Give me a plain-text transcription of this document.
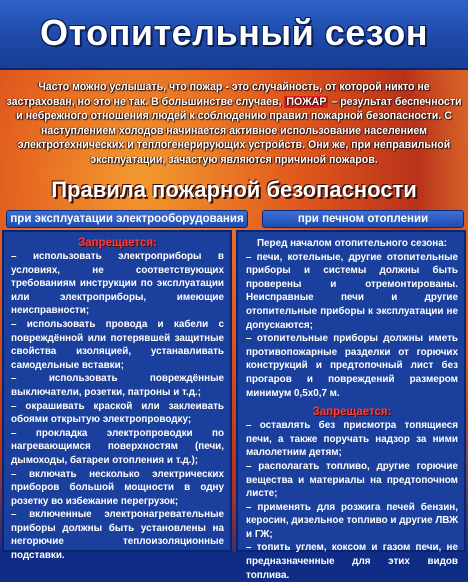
Отопительный сезон
Часто можно услышать, что пожар - это случайность, от которой никто не застрахован, но это не так. В большинстве случаев, ПОЖАР – результат беспечности и небрежного отношения людей к соблюдению правил пожарной безопасности. С наступлением холодов начинается активное использование населением электротехнических и теплогенерирующих устройств. Они же, при неправильной эксплуатации, зачастую являются причиной пожаров.
Правила пожарной безопасности
при эксплуатации электрооборудования	при печном отоплении
Запрещается:

– использовать электроприборы в условиях, не соответствующих требованиям инструкции по эксплуатации или электроприборы, имеющие неисправности;

– использовать провода и кабели с повреждённой или потерявшей защитные свойства изоляцией, устанавливать самодельные вставки;

– использовать повреждённые выключатели, розетки, патроны и т.д.;

– окрашивать краской или заклеивать обоями открытую электропроводку;

– прокладка электропроводки по нагревающимся поверхностям (печи, дымоходы, батареи отопления и т.д.);

– включать несколько электрических приборов большой мощности в одну розетку во избежание перегрузок;

– включенные электронагревательные приборы должны быть установлены на негорючие теплоизоляционные подставки.

Перед началом отопительного сезона:

– печи, котельные, другие отопительные приборы и системы должны быть проверены и отремонтированы. Неисправные печи и другие отопительные приборы к эксплуатации не допускаются;

– отопительные приборы должны иметь противопожарные разделки от горючих конструкций и предтопочный лист без прогаров и повреждений размером минимум 0,5х0,7 м.

Запрещается:

– оставлять без присмотра топящиеся печи, а также поручать надзор за ними малолетним детям;

– располагать топливо, другие горючие вещества и материалы на предтопочном листе;

– применять для розжига печей бензин, керосин, дизельное топливо и другие ЛВЖ и ГЖ;

– топить углем, коксом и газом печи, не предназначенные для этих видов топлива.
